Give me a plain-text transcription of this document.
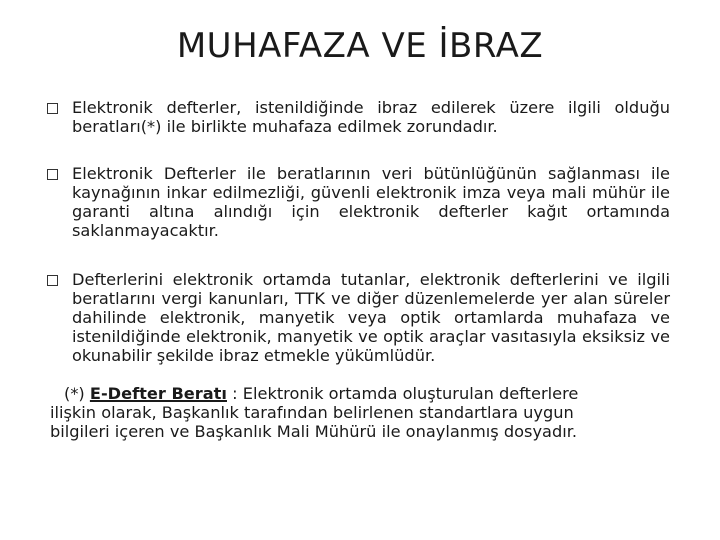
MUHAFAZA VE İBRAZ
Elektronik defterler, istenildiğinde ibraz edilerek üzere ilgili olduğu beratları(*) ile birlikte muhafaza edilmek zorundadır.
Elektronik Defterler ile beratlarının veri bütünlüğünün sağlanması ile kaynağının inkar edilmezliği, güvenli elektronik imza veya mali mühür ile garanti altına alındığı için elektronik defterler kağıt ortamında saklanmayacaktır.
Defterlerini elektronik ortamda tutanlar, elektronik defterlerini ve ilgili beratlarını vergi kanunları, TTK ve diğer düzenlemelerde yer alan süreler dahilinde elektronik, manyetik veya optik ortamlarda muhafaza ve istenildiğinde elektronik, manyetik ve optik araçlar vasıtasıyla eksiksiz ve okunabilir şekilde ibraz etmekle yükümlüdür.
(*) E-Defter Beratı : Elektronik ortamda oluşturulan defterlere
ilişkin olarak, Başkanlık tarafından belirlenen standartlara uygun
bilgileri içeren ve Başkanlık Mali Mühürü ile onaylanmış dosyadır.
